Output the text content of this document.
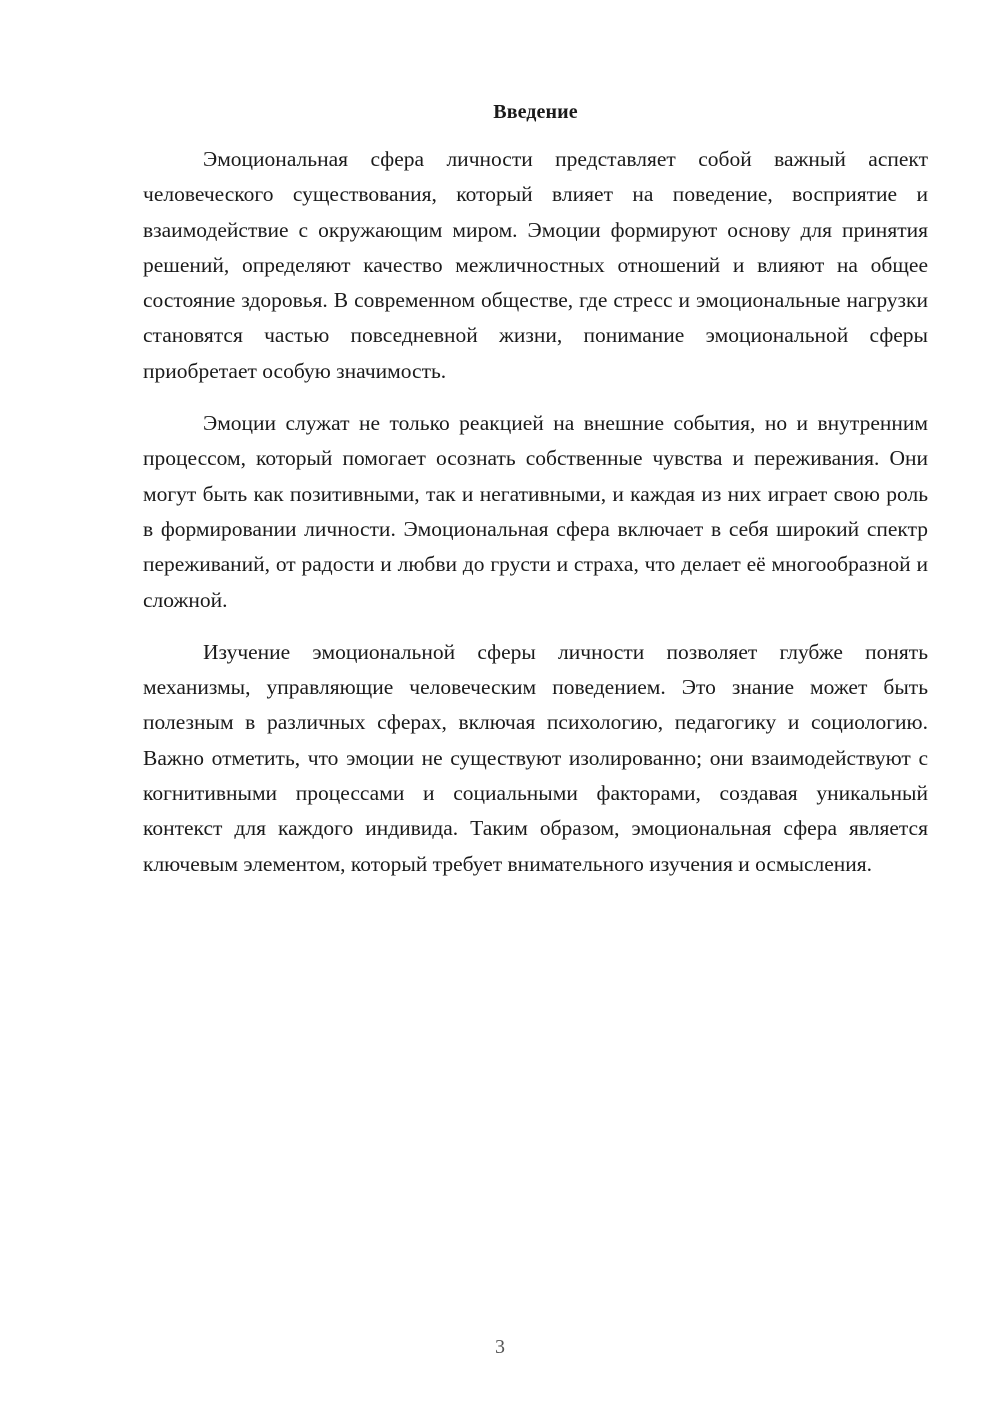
Введение

Эмоциональная сфера личности представляет собой важный аспект человеческого существования, который влияет на поведение, восприятие и взаимодействие с окружающим миром. Эмоции формируют основу для принятия решений, определяют качество межличностных отношений и влияют на общее состояние здоровья. В современном обществе, где стресс и эмоциональные нагрузки становятся частью повседневной жизни, понимание эмоциональной сферы приобретает особую значимость.

Эмоции служат не только реакцией на внешние события, но и внутренним процессом, который помогает осознать собственные чувства и переживания. Они могут быть как позитивными, так и негативными, и каждая из них играет свою роль в формировании личности. Эмоциональная сфера включает в себя широкий спектр переживаний, от радости и любви до грусти и страха, что делает её многообразной и сложной.

Изучение эмоциональной сферы личности позволяет глубже понять механизмы, управляющие человеческим поведением. Это знание может быть полезным в различных сферах, включая психологию, педагогику и социологию. Важно отметить, что эмоции не существуют изолированно; они взаимодействуют с когнитивными процессами и социальными факторами, создавая уникальный контекст для каждого индивида. Таким образом, эмоциональная сфера является ключевым элементом, который требует внимательного изучения и осмысления.

3
